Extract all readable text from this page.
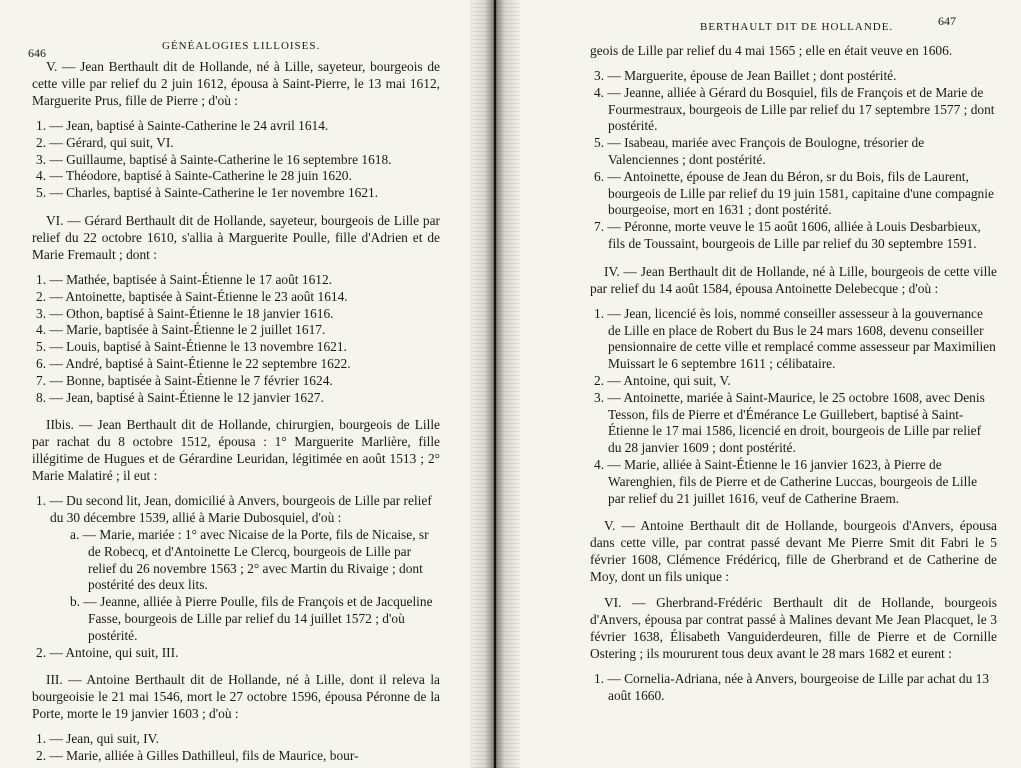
646	GÉNÉALOGIES LILLOISES.

V. — Jean Berthault dit de Hollande, né à Lille, sayeteur, bourgeois de cette ville par relief du 2 juin 1612, épousa à Saint-Pierre, le 13 mai 1612, Marguerite Prus, fille de Pierre ; d'où :

1. — Jean, baptisé à Sainte-Catherine le 24 avril 1614.

2. — Gérard, qui suit, VI.

3. — Guillaume, baptisé à Sainte-Catherine le 16 septembre 1618.

4. — Théodore, baptisé à Sainte-Catherine le 28 juin 1620.

5. — Charles, baptisé à Sainte-Catherine le 1er novembre 1621.

VI. — Gérard Berthault dit de Hollande, sayeteur, bourgeois de Lille par relief du 22 octobre 1610, s'allia à Marguerite Poulle, fille d'Adrien et de Marie Fremault ; dont :

1. — Mathée, baptisée à Saint-Étienne le 17 août 1612.

2. — Antoinette, baptisée à Saint-Étienne le 23 août 1614.

3. — Othon, baptisé à Saint-Étienne le 18 janvier 1616.

4. — Marie, baptisée à Saint-Étienne le 2 juillet 1617.

5. — Louis, baptisé à Saint-Étienne le 13 novembre 1621.

6. — André, baptisé à Saint-Étienne le 22 septembre 1622.

7. — Bonne, baptisée à Saint-Étienne le 7 février 1624.

8. — Jean, baptisé à Saint-Étienne le 12 janvier 1627.

IIbis. — Jean Berthault dit de Hollande, chirurgien, bourgeois de Lille par rachat du 8 octobre 1512, épousa : 1° Marguerite Marlière, fille illégitime de Hugues et de Gérardine Leuridan, légitimée en août 1513 ; 2° Marie Malatiré ; il eut :

1. — Du second lit, Jean, domicilié à Anvers, bourgeois de Lille par relief du 30 décembre 1539, allié à Marie Dubosquiel, d'où :

a. — Marie, mariée : 1° avec Nicaise de la Porte, fils de Nicaise, sr de Robecq, et d'Antoinette Le Clercq, bourgeois de Lille par relief du 26 novembre 1563 ; 2° avec Martin du Rivaige ; dont postérité des deux lits.

b. — Jeanne, alliée à Pierre Poulle, fils de François et de Jacqueline Fasse, bourgeois de Lille par relief du 14 juillet 1572 ; d'où postérité.

2. — Antoine, qui suit, III.

III. — Antoine Berthault dit de Hollande, né à Lille, dont il releva la bourgeoisie le 21 mai 1546, mort le 27 octobre 1596, épousa Péronne de la Porte, morte le 19 janvier 1603 ; d'où :

1. — Jean, qui suit, IV.

2. — Marie, alliée à Gilles Dathilleul, fils de Maurice, bour-

BERTHAULT DIT DE HOLLANDE.	647

geois de Lille par relief du 4 mai 1565 ; elle en était veuve en 1606.

3. — Marguerite, épouse de Jean Baillet ; dont postérité.

4. — Jeanne, alliée à Gérard du Bosquiel, fils de François et de Marie de Fourmestraux, bourgeois de Lille par relief du 17 septembre 1577 ; dont postérité.

5. — Isabeau, mariée avec François de Boulogne, trésorier de Valenciennes ; dont postérité.

6. — Antoinette, épouse de Jean du Béron, sr du Bois, fils de Laurent, bourgeois de Lille par relief du 19 juin 1581, capitaine d'une compagnie bourgeoise, mort en 1631 ; dont postérité.

7. — Péronne, morte veuve le 15 août 1606, alliée à Louis Desbarbieux, fils de Toussaint, bourgeois de Lille par relief du 30 septembre 1591.

IV. — Jean Berthault dit de Hollande, né à Lille, bourgeois de cette ville par relief du 14 août 1584, épousa Antoinette Delebecque ; d'où :

1. — Jean, licencié ès lois, nommé conseiller assesseur à la gouvernance de Lille en place de Robert du Bus le 24 mars 1608, devenu conseiller pensionnaire de cette ville et remplacé comme assesseur par Maximilien Muissart le 6 septembre 1611 ; célibataire.

2. — Antoine, qui suit, V.

3. — Antoinette, mariée à Saint-Maurice, le 25 octobre 1608, avec Denis Tesson, fils de Pierre et d'Émérance Le Guillebert, baptisé à Saint-Étienne le 17 mai 1586, licencié en droit, bourgeois de Lille par relief du 28 janvier 1609 ; dont postérité.

4. — Marie, alliée à Saint-Étienne le 16 janvier 1623, à Pierre de Warenghien, fils de Pierre et de Catherine Luccas, bourgeois de Lille par relief du 21 juillet 1616, veuf de Catherine Braem.

V. — Antoine Berthault dit de Hollande, bourgeois d'Anvers, épousa dans cette ville, par contrat passé devant Me Pierre Smit dit Fabri le 5 février 1608, Clémence Frédéricq, fille de Gherbrand et de Catherine de Moy, dont un fils unique :

VI. — Gherbrand-Frédéric Berthault dit de Hollande, bourgeois d'Anvers, épousa par contrat passé à Malines devant Me Jean Placquet, le 3 février 1638, Élisabeth Vanguiderdeuren, fille de Pierre et de Cornille Ostering ; ils moururent tous deux avant le 28 mars 1682 et eurent :

1. — Cornelia-Adriana, née à Anvers, bourgeoise de Lille par achat du 13 août 1660.
